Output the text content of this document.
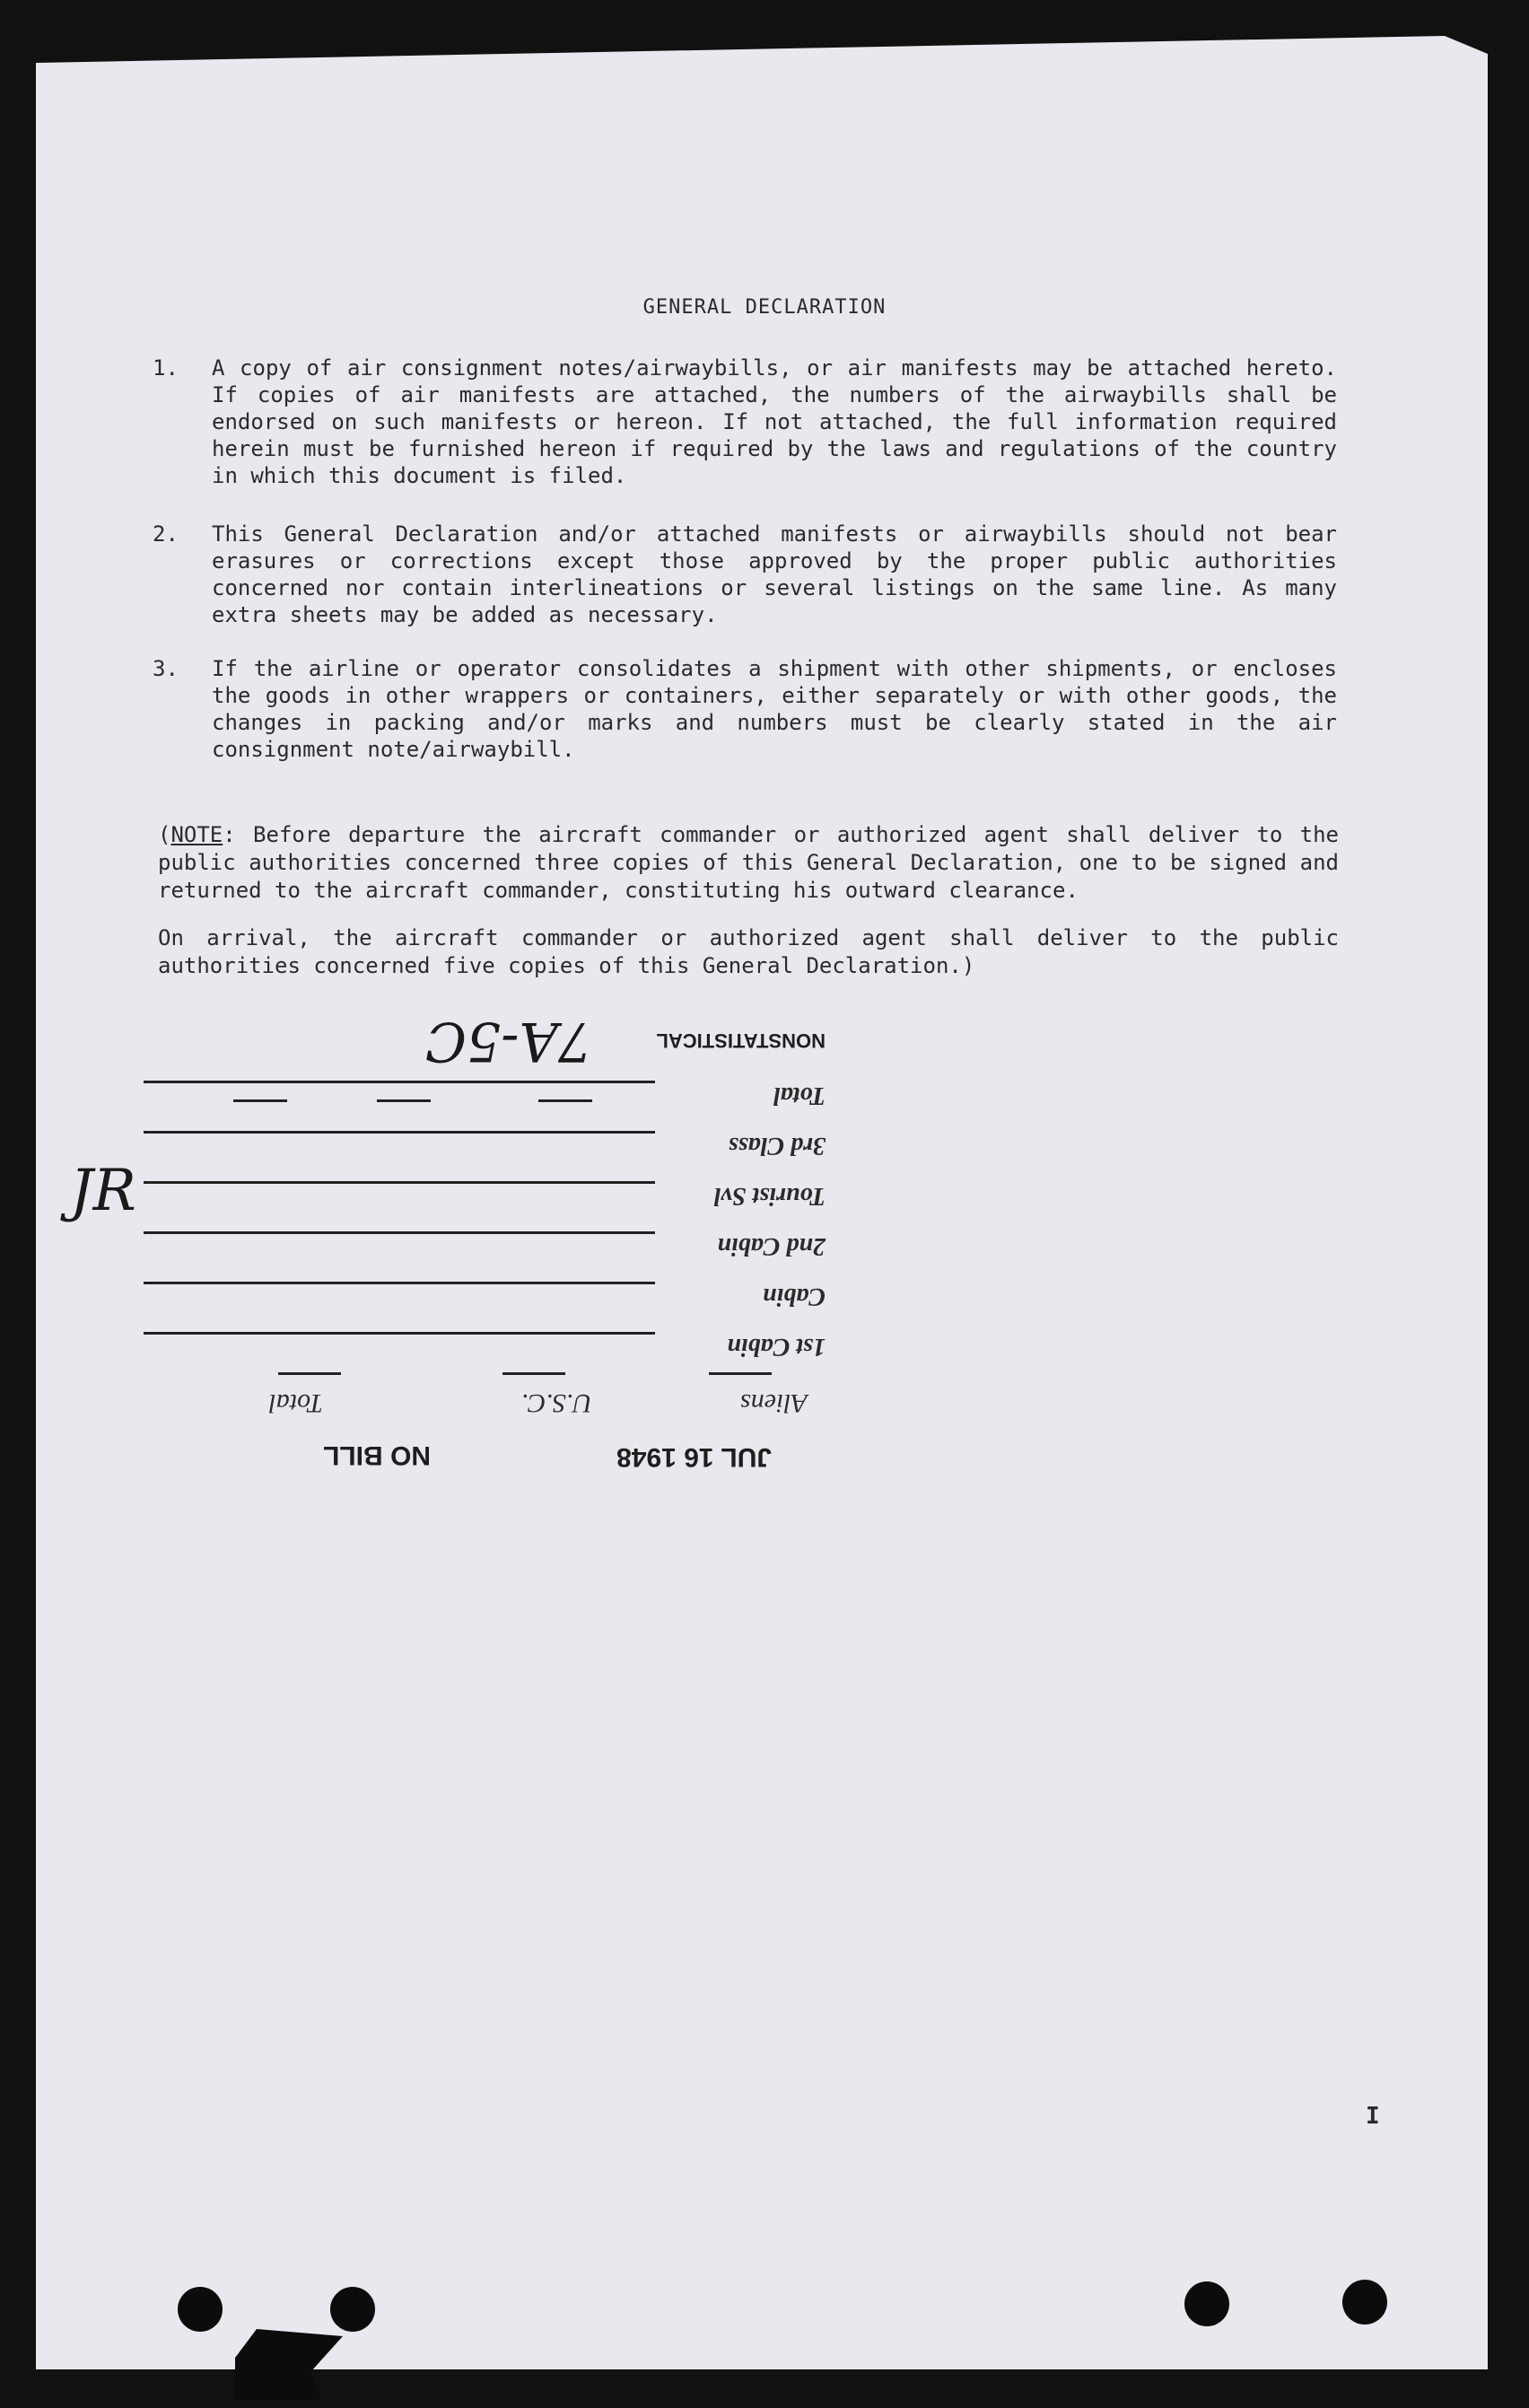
GENERAL DECLARATION
1.	A copy of air consignment notes/airwaybills, or air manifests may be attached hereto. If copies of air manifests are attached, the numbers of the airwaybills shall be endorsed on such manifests or hereon. If not attached, the full information required herein must be furnished hereon if required by the laws and regulations of the country in which this document is filed.
2.	This General Declaration and/or attached manifests or airwaybills should not bear erasures or corrections except those approved by the proper public authorities concerned nor contain interlineations or several listings on the same line. As many extra sheets may be added as necessary.
3.	If the airline or operator consolidates a shipment with other shipments, or encloses the goods in other wrappers or containers, either separately or with other goods, the changes in packing and/or marks and numbers must be clearly stated in the air consignment note/airwaybill.
(NOTE: Before departure the aircraft commander or authorized agent shall deliver to the public authorities concerned three copies of this General Declaration, one to be signed and returned to the aircraft commander, constituting his outward clearance.
On arrival, the aircraft commander or authorized agent shall deliver to the public authorities concerned five copies of this General Declaration.)
JUL 16 1948
NO BILL
Aliens
U.S.C.
Total
1st Cabin
Cabin
2nd Cabin
Tourist Svl
3rd Class
Total
NONSTATISTICAL
7A-5C
JR
I
